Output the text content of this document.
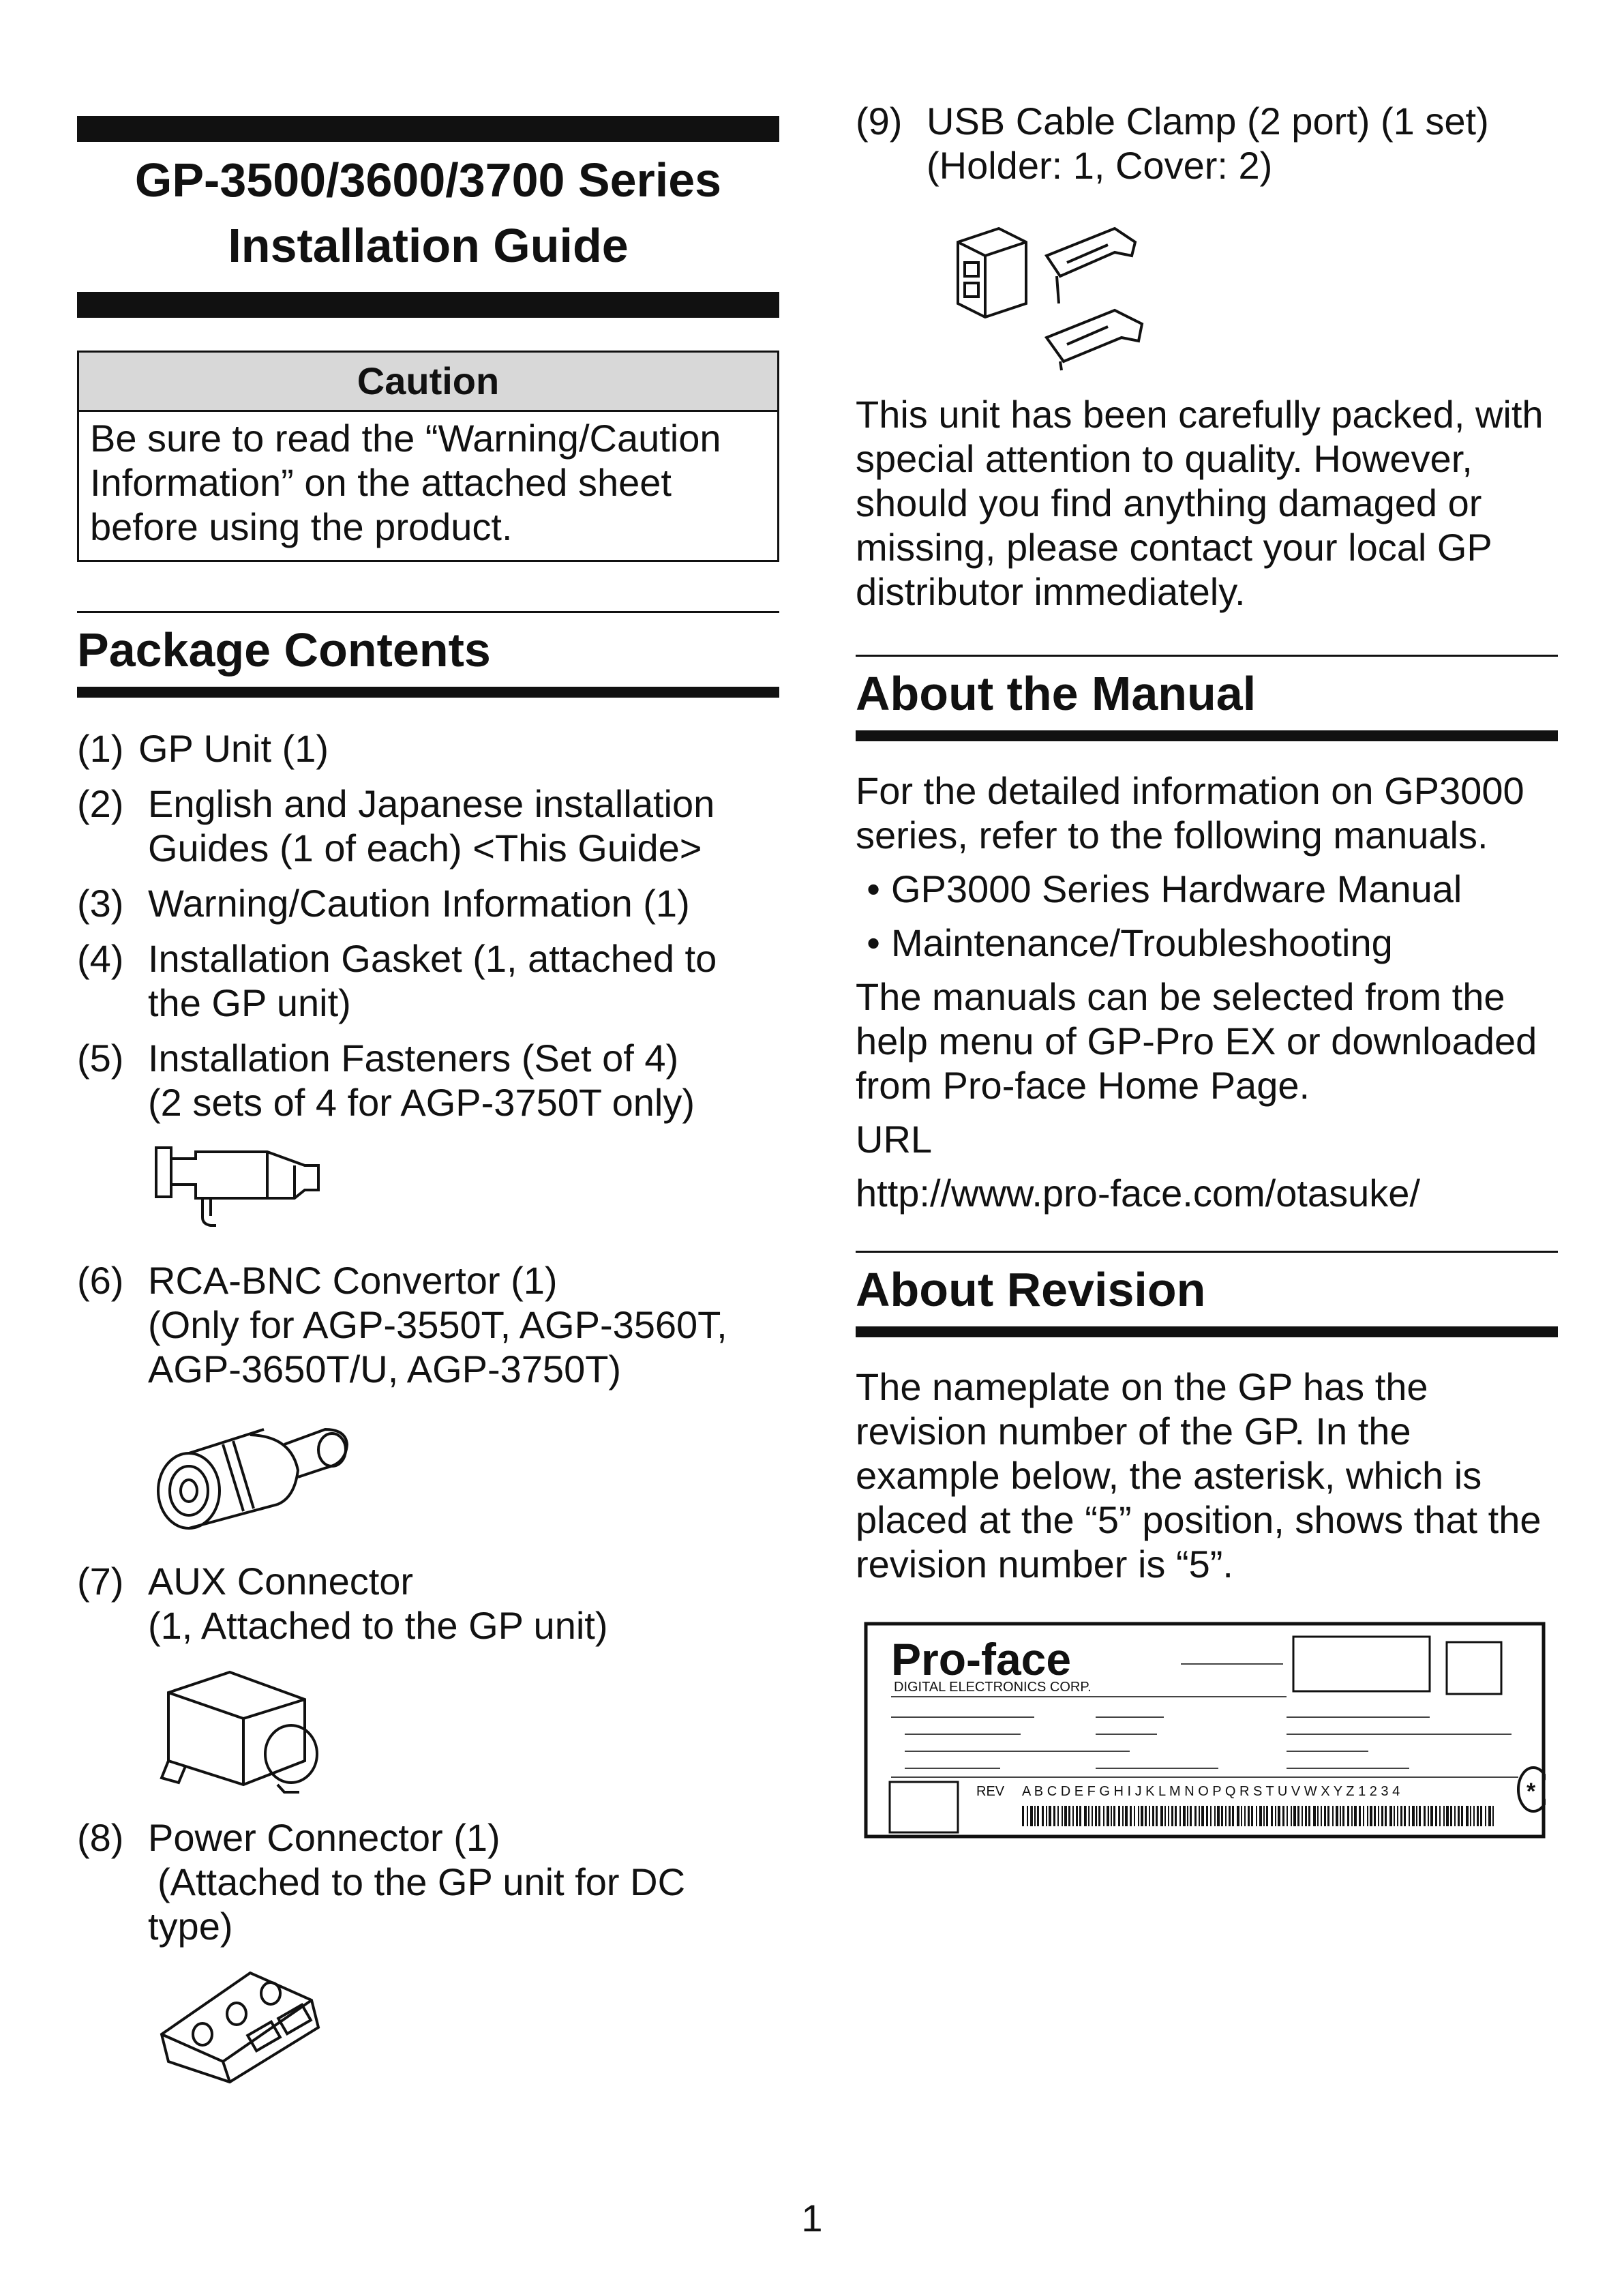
GP-3500/3600/3700 Series
Installation Guide
Caution
Be sure to read the “Warning/Caution Information” on the attached sheet before using the product.
Package Contents
(1) GP Unit (1)
(2) English and Japanese installation Guides (1 of each) <This Guide>
(3) Warning/Caution Information (1)
(4) Installation Gasket (1, attached to the GP unit)
(5) Installation Fasteners (Set of 4)
(2 sets of 4 for AGP-3750T only)
(6) RCA-BNC Convertor (1)
(Only for AGP-3550T, AGP-3560T, AGP-3650T/U, AGP-3750T)
(7) AUX Connector
(1, Attached to the GP unit)
(8) Power Connector (1)
(Attached to the GP unit for DC type)
(9) USB Cable Clamp (2 port) (1 set)
(Holder: 1, Cover: 2)

This unit has been carefully packed, with special attention to quality. However, should you find anything damaged or missing, please contact your local GP distributor immediately.

About the Manual

For the detailed information on GP3000 series, refer to the following manuals.

• GP3000 Series Hardware Manual
• Maintenance/Troubleshooting

The manuals can be selected from the help menu of GP-Pro EX or downloaded from Pro-face Home Page.

URL
http://www.pro-face.com/otasuke/
About Revision

The nameplate on the GP has the revision number of the GP. In the example below, the asterisk, which is placed at the “5” position, shows that the revision number is “5”.

Pro-face
DIGITAL ELECTRONICS CORP.
REV A B C D E F G H I J K L M N O P Q R S T U V W X Y Z 1 2 3 4	*
1
